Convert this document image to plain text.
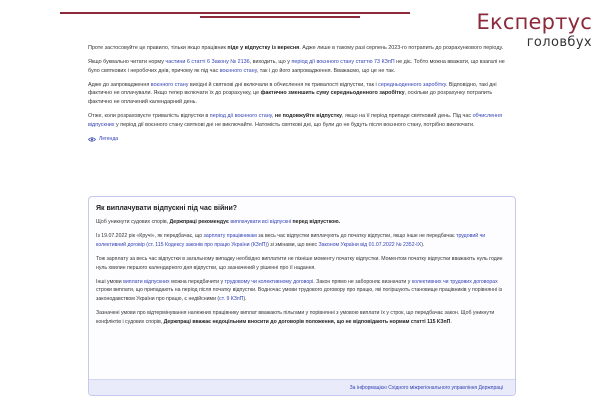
Експертус
головбух

Проте застосовуйте це правило, тільки якщо працівник піде у відпустку із вересня. Адже лише в такому разі серпень 2023-го потрапить до розрахункового періоду.

Якщо буквально читати норму частини 6 статті 6 Закону № 2136, виходить, що у період дії воєнного стану статтю 73 КЗпП не діє. Тобто можна вважати, що взагалі не було святкових і неробочих днів, причому як під час воєнного стану, так і до його запровадження. Вважаємо, що це не так.

Адже до запровадження воєнного стану вихідні й святкові дні включали в обчислення як тривалості відпустки, так і середньоденного заробітку. Відповідно, такі дні фактично не оплачували. Якщо тепер включати їх до розрахунку, це фактично зменшить суму середньоденного заробітку, оскільки до розрахунку потрапить фактично не оплачений календарний день.

Отже, коли розраховуєте тривалість відпустки в період дії воєнного стану, не подовжуйте відпустку, якщо на її період припаде святковий день. Під час обчислення відпускних у період дії воєнного стану святкові дні не виключайте. Натомість святкові дні, що були до не будуть після воєнного стану, потрібно виключати.

Легенда
Як виплачувати відпускні під час війни?

Щоб уникнути судових спорів, Держпраці рекомендує виплачувати всі відпускні перед відпусткою.

Із 19.07.2022 рік «Кручі», як передбачає, що зарплату працівникам за весь час відпустки виплачують до початку відпустки, якщо інше не передбачає трудовий чи колективний договір (ст. 115 Кодексу законів про працю України (КЗпП)) зі змінами, що внес Законом України від 01.07.2022 № 2352-IX).

Тож зарплату за весь час відпустки в загальному випадку необхідно виплатити не пізніше моменту початку відпустки. Моментом початку відпустки вважають нуль годин нуль хвилин першого календарного дня відпустки, що зазначений у рішенні про її надання.

Інші умови виплати відпускних можна передбачити у трудовому чи колективному договорі. Закон прямо не забороняє визначати у колективних чи трудових договорах строки виплати, що припадають на період після початку відпустки. Водночас умови трудового договору про працю, які погіршують становище працівників у порівнянні із законодавством України про працю, є недійсними (ст. 9 КЗпП).

Зазначені умови про відтермінування належних працівнику виплат вважають пільгами у порівнянні з умовою виплати їх у строк, що передбачає закон. Щоб уникнути конфліктів і судових спорів, Держпраці вважає недоцільним вносити до договорів положення, що не відповідають нормам статті 115 КЗпП.

За інформацією Східного міжрегіонального управління Держпраці
